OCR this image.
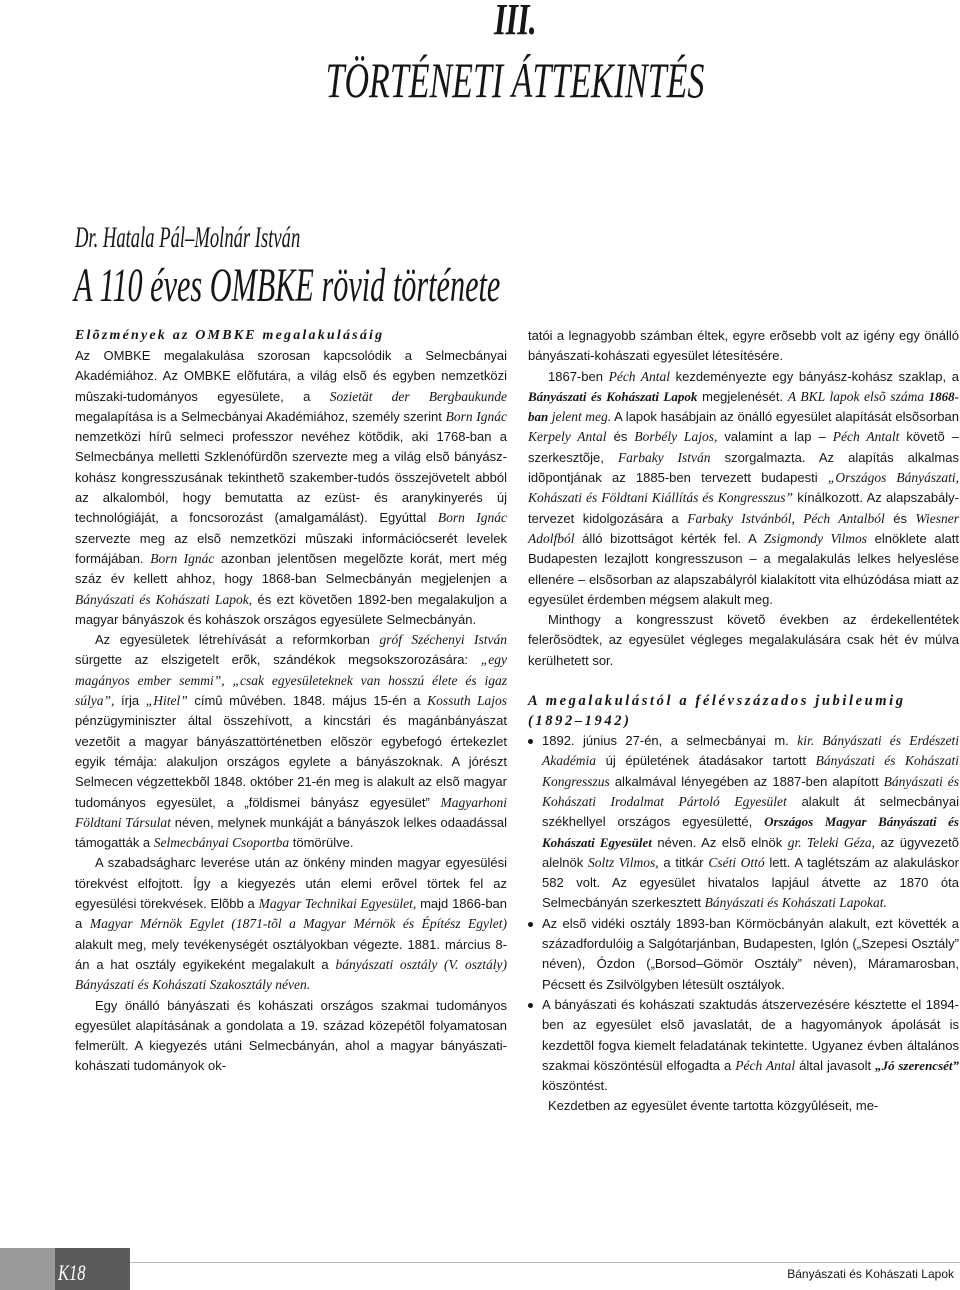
III.
TÖRTÉNETI ÁTTEKINTÉS
Dr. Hatala Pál–Molnár István
A 110 éves OMBKE rövid története
Elõzmények az OMBKE megalakulásáig

Az OMBKE megalakulása szorosan kapcsolódik a Selmecbányai Akadémiához. Az OMBKE elõfutára, a világ elsõ és egyben nemzetközi mûszaki-tudományos egyesülete, a Sozietät der Bergbaukunde megalapítása is a Selmecbányai Akadémiához, személy szerint Born Ignác nemzetközi hírû selmeci professzor nevéhez kötõdik, aki 1768-ban a Selmecbánya melletti Szklenófürdõn szervezte meg a világ elsõ bányász-kohász kongresszusának tekinthetõ szakember-tudós összejövetelt abból az alkalomból, hogy bemutatta az ezüst- és aranykinyerés új technológiáját, a foncsorozást (amalgamálást). Egyúttal Born Ignác szervezte meg az elsõ nemzetközi mûszaki információcserét levelek formájában. Born Ignác azonban jelentõsen megelõzte korát, mert még száz év kellett ahhoz, hogy 1868-ban Selmecbányán megjelenjen a Bányászati és Kohászati Lapok, és ezt követõen 1892-ben megalakuljon a magyar bányászok és kohászok országos egyesülete Selmecbányán.

Az egyesületek létrehívását a reformkorban gróf Széchenyi István sürgette az elszigetelt erõk, szándékok megsokszorozására: „egy magányos ember semmi”, „csak egyesületeknek van hosszú élete és igaz súlya”, írja „Hitel” címû mûvében. 1848. május 15-én a Kossuth Lajos pénzügyminiszter által összehívott, a kincstári és magánbányászat vezetõit a magyar bányászattörténetben elõször egybefogó értekezlet egyik témája: alakuljon országos egylete a bányászoknak. A jórészt Selmecen végzettekbõl 1848. október 21-én meg is alakult az elsõ magyar tudományos egyesület, a „földismei bányász egyesület” Magyarhoni Földtani Társulat néven, melynek munkáját a bányászok lelkes odaadással támogatták a Selmecbányai Csoportba tömörülve.

A szabadságharc leverése után az önkény minden magyar egyesülési törekvést elfojtott. Így a kiegyezés után elemi erõvel törtek fel az egyesülési törekvések. Elõbb a Magyar Technikai Egyesület, majd 1866-ban a Magyar Mérnök Egylet (1871-tõl a Magyar Mérnök és Építész Egylet) alakult meg, mely tevékenységét osztályokban végezte. 1881. március 8-án a hat osztály egyikeként megalakult a bányászati osztály (V. osztály) Bányászati és Kohászati Szakosztály néven.

Egy önálló bányászati és kohászati országos szakmai tudományos egyesület alapításának a gondolata a 19. század közepétõl folyamatosan felmerült. A kiegyezés utáni Selmecbányán, ahol a magyar bányászati-kohászati tudományok ok-

tatói a legnagyobb számban éltek, egyre erõsebb volt az igény egy önálló bányászati-kohászati egyesület létesítésére.

1867-ben Péch Antal kezdeményezte egy bányász-kohász szaklap, a Bányászati és Kohászati Lapok megjelenését. A BKL lapok elsõ száma 1868-ban jelent meg. A lapok hasábjain az önálló egyesület alapítását elsõsorban Kerpely Antal és Borbély Lajos, valamint a lap – Péch Antalt követõ – szerkesztõje, Farbaky István szorgalmazta. Az alapítás alkalmas idõpontjának az 1885-ben tervezett budapesti „Országos Bányászati, Kohászati és Földtani Kiállítás és Kongresszus” kínálkozott. Az alapszabály-tervezet kidolgozására a Farbaky Istvánból, Péch Antalból és Wiesner Adolfból álló bizottságot kérték fel. A Zsigmondy Vilmos elnöklete alatt Budapesten lezajlott kongresszuson – a megalakulás lelkes helyeslése ellenére – elsõsorban az alapszabályról kialakított vita elhúzódása miatt az egyesület érdemben mégsem alakult meg.

Minthogy a kongresszust követõ években az érdekellentétek felerõsödtek, az egyesület végleges megalakulására csak hét év múlva kerülhetett sor.

A megalakulástól a félévszázados jubileumig
(1892–1942)
1892. június 27-én, a selmecbányai m. kir. Bányászati és Erdészeti Akadémia új épületének átadásakor tartott Bányászati és Kohászati Kongresszus alkalmával lényegében az 1887-ben alapított Bányászati és Kohászati Irodalmat Pártoló Egyesület alakult át selmecbányai székhellyel országos egyesületté, Országos Magyar Bányászati és Kohászati Egyesület néven. Az elsõ elnök gr. Teleki Géza, az ügyvezetõ alelnök Soltz Vilmos, a titkár Cséti Ottó lett. A taglétszám az alakuláskor 582 volt. Az egyesület hivatalos lapjául átvette az 1870 óta Selmecbányán szerkesztett Bányászati és Kohászati Lapokat.
Az elsõ vidéki osztály 1893-ban Körmöcbányán alakult, ezt követték a századfordulóig a Salgótarjánban, Budapesten, Iglón („Szepesi Osztály” néven), Ózdon („Borsod–Gömör Osztály” néven), Máramarosban, Pécsett és Zsilvölgyben létesült osztályok.
A bányászati és kohászati szaktudás átszervezésére késztette el 1894-ben az egyesület elsõ javaslatát, de a hagyományok ápolását is kezdettõl fogva kiemelt feladatának tekintette. Ugyanez évben általános szakmai köszöntésül elfogadta a Péch Antal által javasolt „Jó szerencsét” köszöntést.

Kezdetben az egyesület évente tartotta közgyûléseit, me-

K18	Bányászati és Kohászati Lapok
